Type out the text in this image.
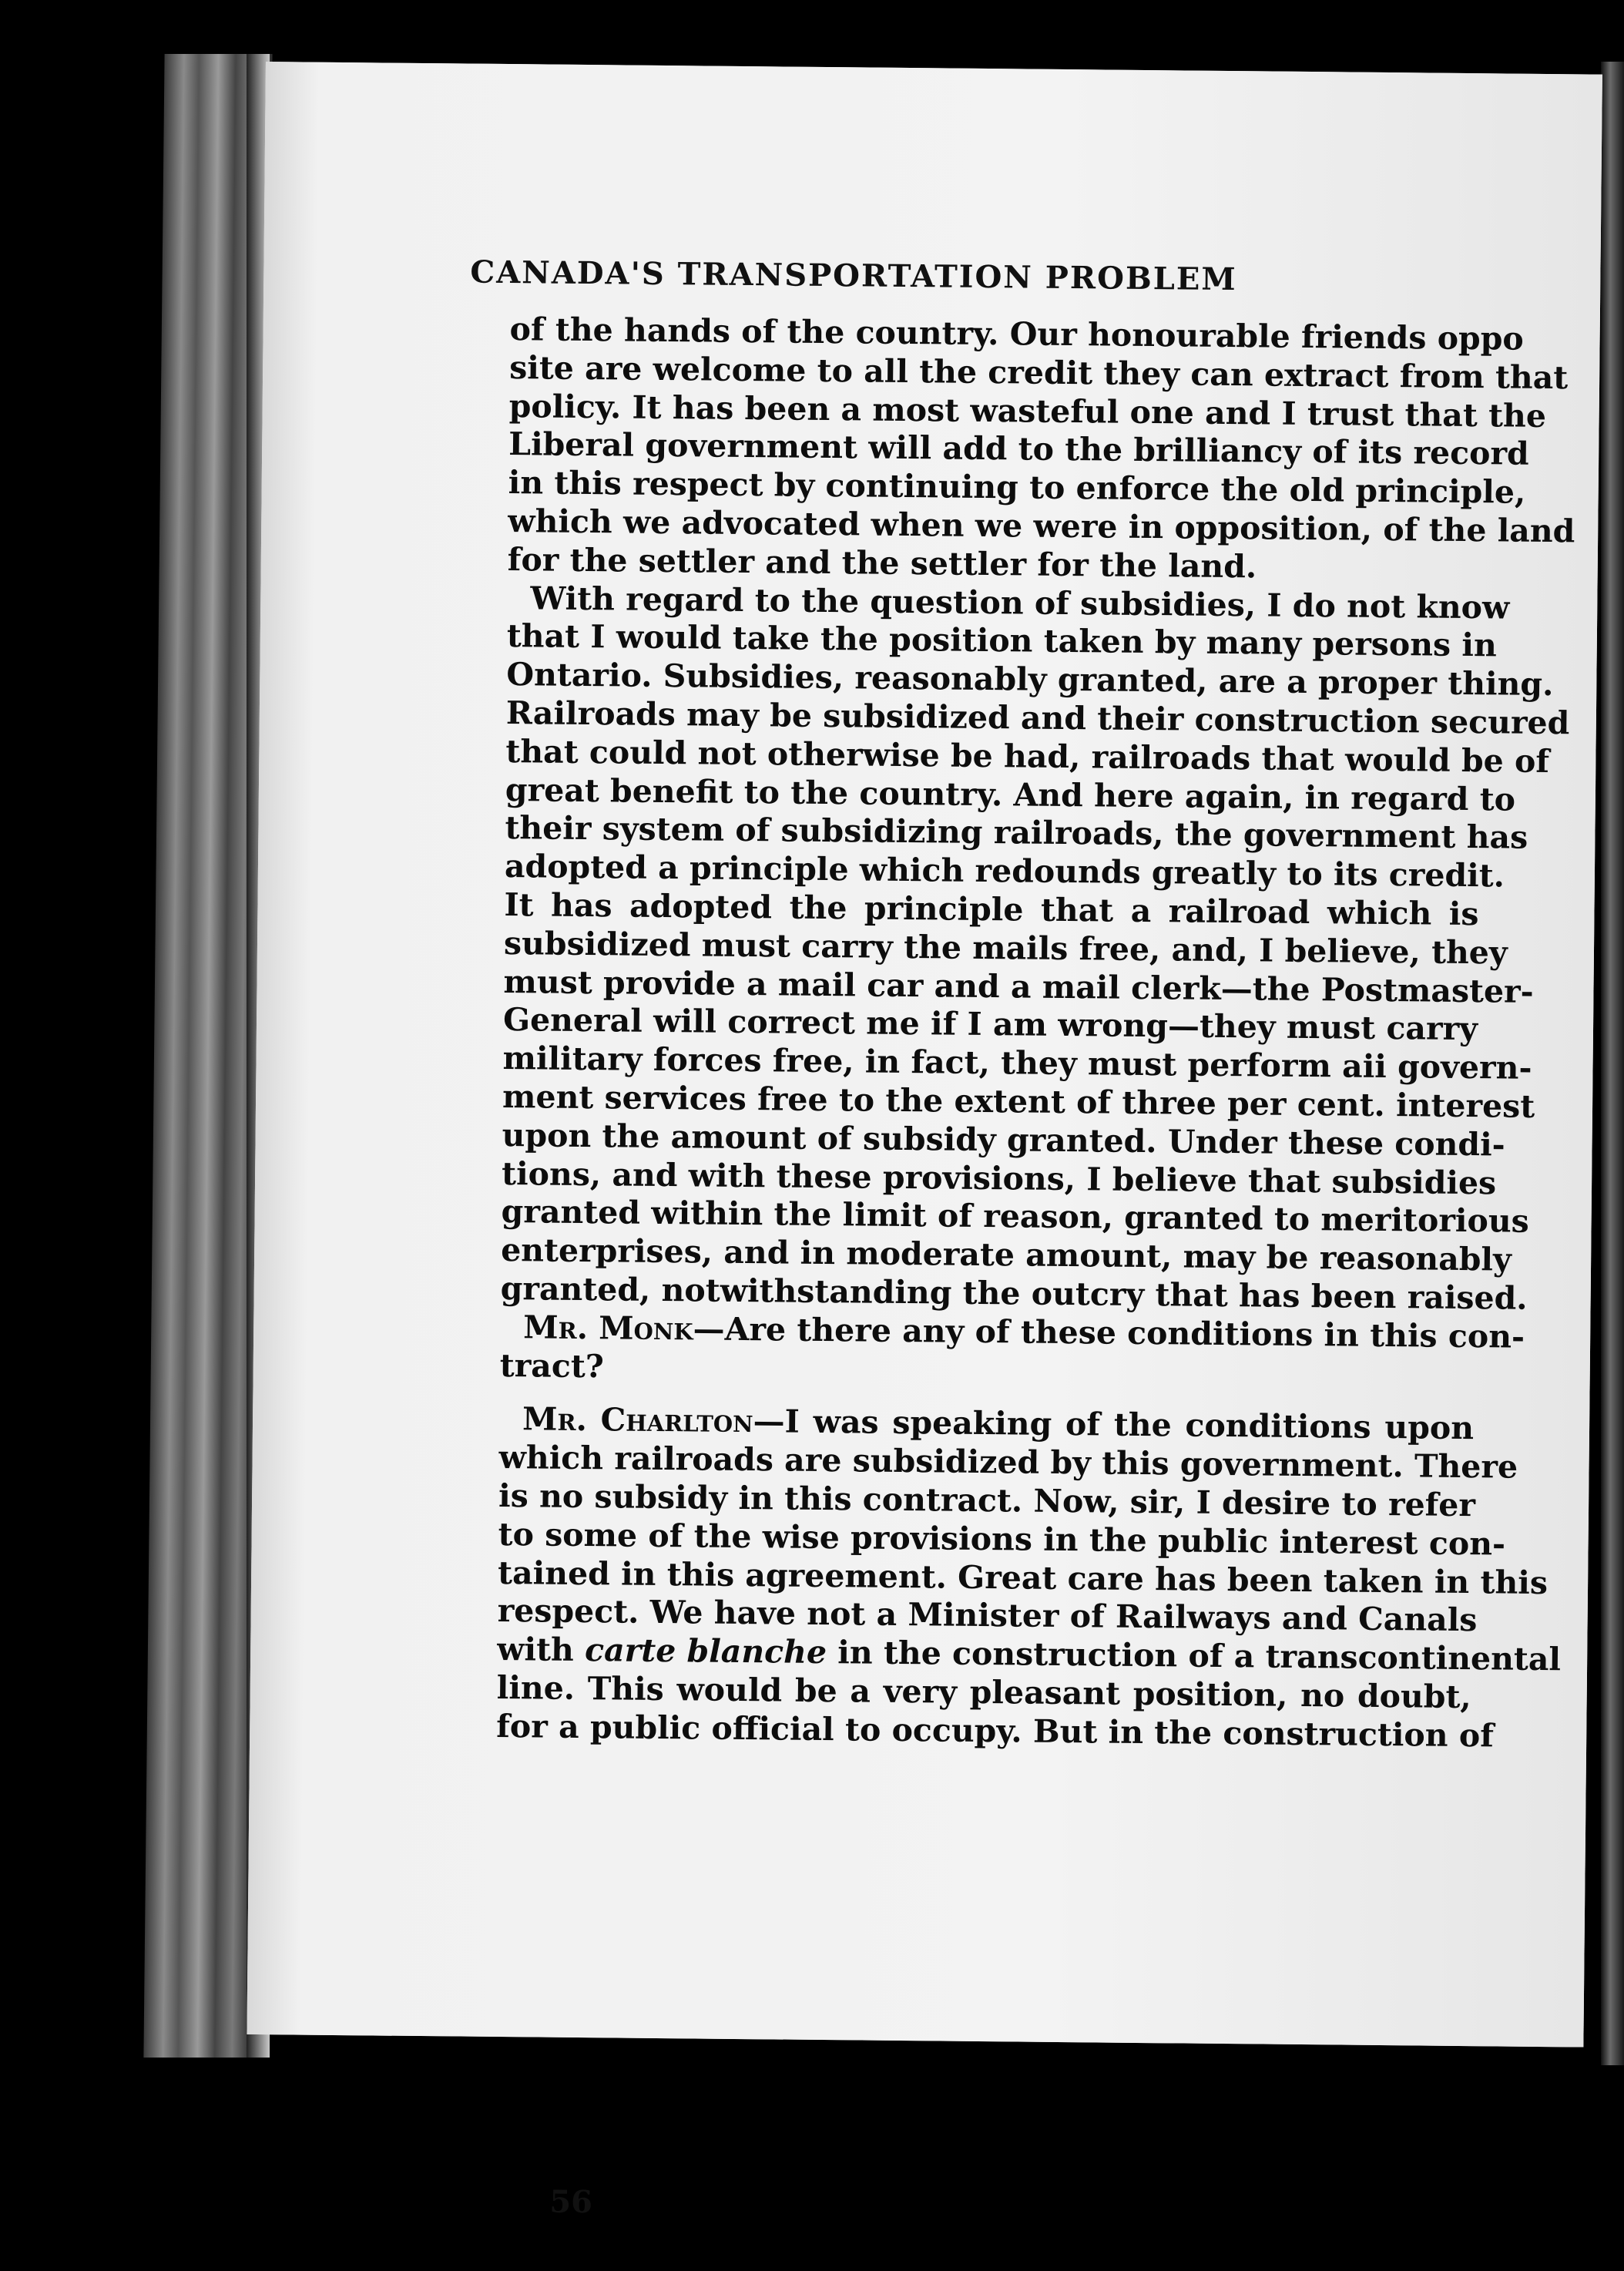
CANADA'S TRANSPORTATION PROBLEM
of the hands of the country. Our honourable friends oppo
site are welcome to all the credit they can extract from that
policy. It has been a most wasteful one and I trust that the
Liberal government will add to the brilliancy of its record
in this respect by continuing to enforce the old principle,
which we advocated when we were in opposition, of the land
for the settler and the settler for the land.
With regard to the question of subsidies, I do not know
that I would take the position taken by many persons in
Ontario. Subsidies, reasonably granted, are a proper thing.
Railroads may be subsidized and their construction secured
that could not otherwise be had, railroads that would be of
great benefit to the country. And here again, in regard to
their system of subsidizing railroads, the government has
adopted a principle which redounds greatly to its credit.
It has adopted the principle that a railroad which is
subsidized must carry the mails free, and, I believe, they
must provide a mail car and a mail clerk—the Postmaster-
General will correct me if I am wrong—they must carry
military forces free, in fact, they must perform aii govern-
ment services free to the extent of three per cent. interest
upon the amount of subsidy granted. Under these condi-
tions, and with these provisions, I believe that subsidies
granted within the limit of reason, granted to meritorious
enterprises, and in moderate amount, may be reasonably
granted, notwithstanding the outcry that has been raised.
Mr. Monk—Are there any of these conditions in this con-
tract?
Mr. Charlton—I was speaking of the conditions upon
which railroads are subsidized by this government. There
is no subsidy in this contract. Now, sir, I desire to refer
to some of the wise provisions in the public interest con-
tained in this agreement. Great care has been taken in this
respect. We have not a Minister of Railways and Canals
with carte blanche in the construction of a transcontinental
line. This would be a very pleasant position, no doubt,
for a public official to occupy. But in the construction of
56
